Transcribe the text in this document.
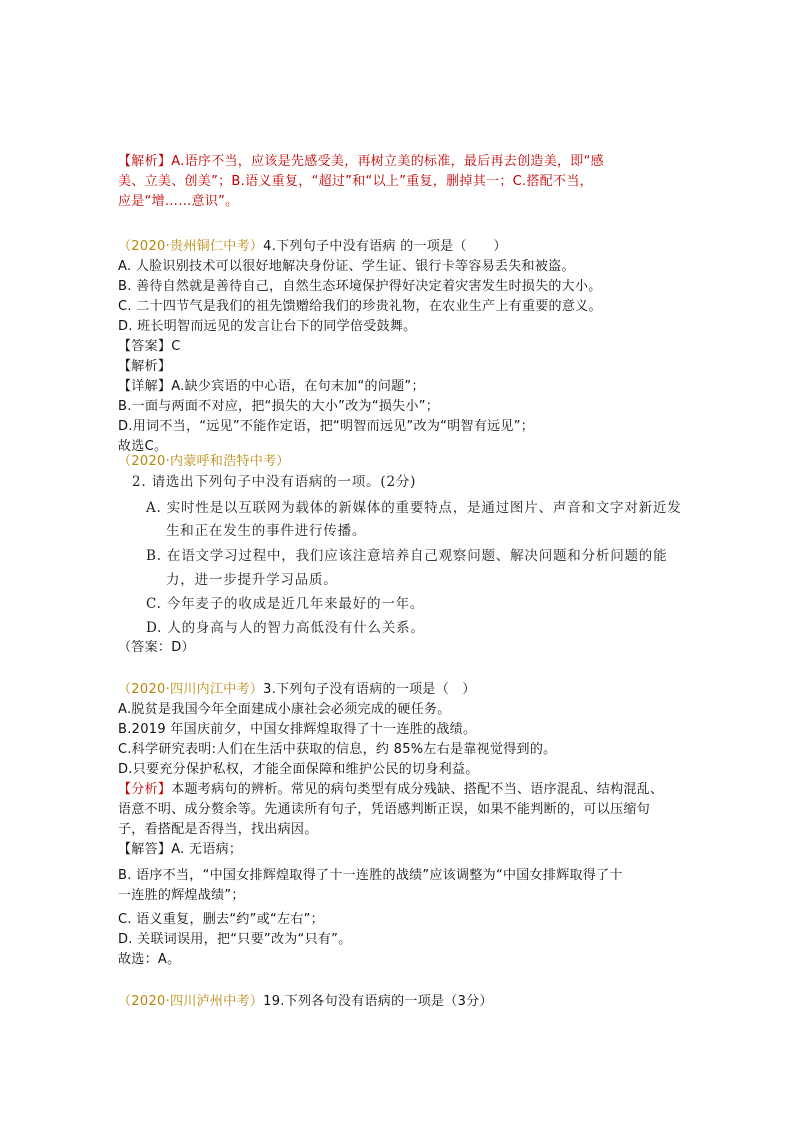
【解析】A.语序不当，应该是先感受美，再树立美的标准，最后再去创造美，即“感
美、立美、创美”；B.语义重复，“超过”和“以上”重复，删掉其一；C.搭配不当，
应是“增……意识”。
（2020·贵州铜仁中考）4.下列句子中没有语病 的一项是（　　）
A. 人脸识别技术可以很好地解决身份证、学生证、银行卡等容易丢失和被盗。
B. 善待自然就是善待自己，自然生态环境保护得好决定着灾害发生时损失的大小。
C. 二十四节气是我们的祖先馈赠给我们的珍贵礼物，在农业生产上有重要的意义。
D. 班长明智而远见的发言让台下的同学倍受鼓舞。
【答案】C
【解析】
【详解】A.缺少宾语的中心语，在句末加“的问题”；
B.一面与两面不对应，把“损失的大小”改为“损失小”；
D.用词不当，“远见”不能作定语，把“明智而远见”改为“明智有远见”；
故选C。
（2020·内蒙呼和浩特中考）
2. 请选出下列句子中没有语病的一项。(2分)
A. 实时性是以互联网为载体的新媒体的重要特点，是通过图片、声音和文字对新近发
生和正在发生的事件进行传播。
B. 在语文学习过程中，我们应该注意培养自己观察问题、解决问题和分析问题的能
力，进一步提升学习品质。
C. 今年麦子的收成是近几年来最好的一年。
D. 人的身高与人的智力高低没有什么关系。
（答案：D）
（2020·四川内江中考）3.下列句子没有语病的一项是（　）
A.脱贫是我国今年全面建成小康社会必须完成的硬任务。
B.2019 年国庆前夕，中国女排辉煌取得了十一连胜的战绩。
C.科学研究表明:人们在生活中获取的信息，约 85%左右是靠视觉得到的。
D.只要充分保护私权，才能全面保障和维护公民的切身利益。
【分析】本题考病句的辨析。常见的病句类型有成分残缺、搭配不当、语序混乱、结构混乱、
语意不明、成分赘余等。先通读所有句子，凭语感判断正误，如果不能判断的，可以压缩句
子，看搭配是否得当，找出病因。
【解答】A. 无语病；
B. 语序不当，“中国女排辉煌取得了十一连胜的战绩”应该调整为“中国女排辉取得了十
一连胜的辉煌战绩”；
C. 语义重复，删去“约”或“左右”；
D. 关联词误用，把“只要”改为“只有”。
故选：A。
（2020·四川泸州中考）19.下列各句没有语病的一项是（3分）
